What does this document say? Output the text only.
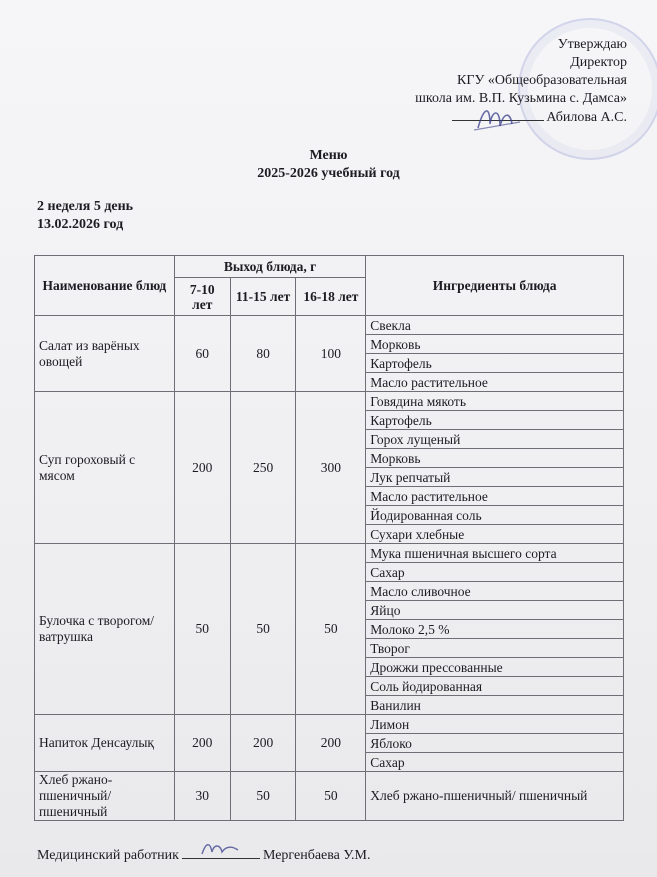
Утверждаю
Директор
КГУ «Общеобразовательная
школа им. В.П. Кузьмина с. Дамса»
Абилова А.С.
Меню
2025-2026 учебный год
2 неделя 5 день
13.02.2026 год
Наименование блюд	Выход блюда, г			Ингредиенты блюда
	7-10 лет	11-15 лет	16-18 лет	
Салат из варёных овощей	60	80	100	Свекла
				Морковь
				Картофель
				Масло растительное
Суп гороховый с мясом	200	250	300	Говядина мякоть
				Картофель
				Горох лущеный
				Морковь
				Лук репчатый
				Масло растительное
				Йодированная соль
				Сухари хлебные
Булочка с творогом/ ватрушка	50	50	50	Мука пшеничная высшего сорта
				Сахар
				Масло сливочное
				Яйцо
				Молоко 2,5 %
				Творог
				Дрожжи прессованные
				Соль йодированная
				Ванилин
Напиток Денсаулық	200	200	200	Лимон
				Яблоко
				Сахар
Хлеб ржано-пшеничный/ пшеничный	30	50	50	Хлеб ржано-пшеничный/ пшеничный
Медицинский работник	Мергенбаева У.М.
